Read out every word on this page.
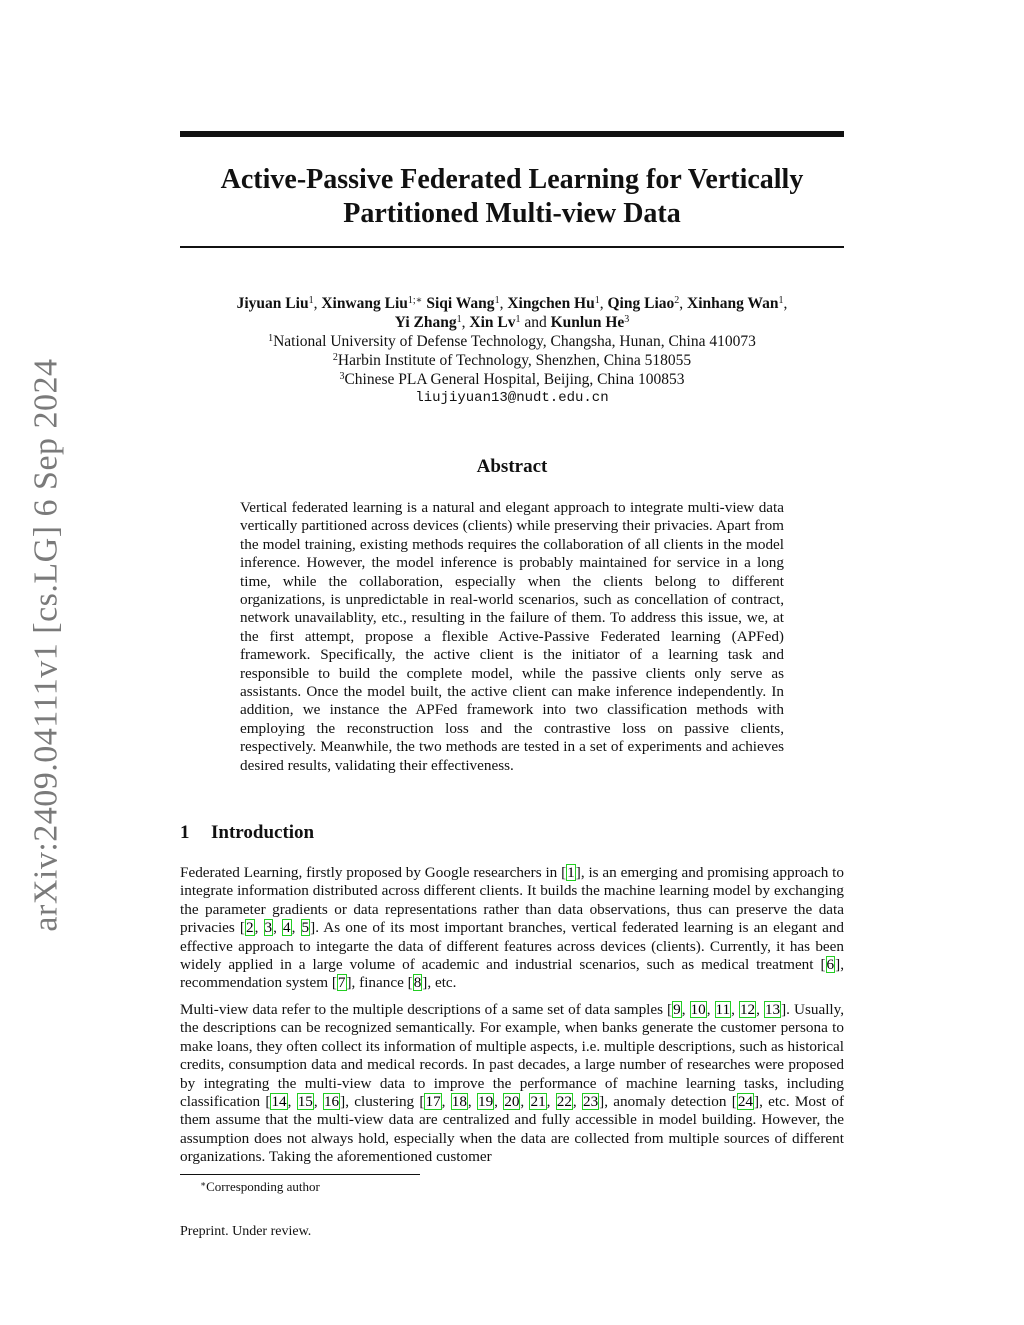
arXiv:2409.04111v1 [cs.LG] 6 Sep 2024
Active-Passive Federated Learning for Vertically
Partitioned Multi-view Data
Jiyuan Liu$^1$, Xinwang Liu$^{1;∗}$ Siqi Wang$^1$, Xingchen Hu$^1$, Qing Liao$^2$, Xinhang Wan$^1$,
Yi Zhang$^1$, Xin Lv$^1$ and Kunlun He$^3$
$^1$National University of Defense Technology, Changsha, Hunan, China 410073
$^2$Harbin Institute of Technology, Shenzhen, China 518055
$^3$Chinese PLA General Hospital, Beijing, China 100853
liujiyuan13@nudt.edu.cn
Abstract

Vertical federated learning is a natural and elegant approach to integrate multi-view data vertically partitioned across devices (clients) while preserving their privacies. Apart from the model training, existing methods requires the collaboration of all clients in the model inference. However, the model inference is probably maintained for service in a long time, while the collaboration, especially when the clients belong to different organizations, is unpredictable in real-world scenarios, such as concellation of contract, network unavailablity, etc., resulting in the failure of them. To address this issue, we, at the first attempt, propose a flexible Active-Passive Federated learning (APFed) framework. Specifically, the active client is the initiator of a learning task and responsible to build the complete model, while the passive clients only serve as assistants. Once the model built, the active client can make inference independently. In addition, we instance the APFed framework into two classification methods with employing the reconstruction loss and the contrastive loss on passive clients, respectively. Meanwhile, the two methods are tested in a set of experiments and achieves desired results, validating their effectiveness.

1 Introduction

Federated Learning, firstly proposed by Google researchers in [1], is an emerging and promising approach to integrate information distributed across different clients. It builds the machine learning model by exchanging the parameter gradients or data representations rather than data observations, thus can preserve the data privacies [2, 3, 4, 5]. As one of its most important branches, vertical federated learning is an elegant and effective approach to integarte the data of different features across devices (clients). Currently, it has been widely applied in a large volume of academic and industrial scenarios, such as medical treatment [6], recommendation system [7], finance [8], etc.

Multi-view data refer to the multiple descriptions of a same set of data samples [9, 10, 11, 12, 13]. Usually, the descriptions can be recognized semantically. For example, when banks generate the customer persona to make loans, they often collect its information of multiple aspects, i.e. multiple descriptions, such as historical credits, consumption data and medical records. In past decades, a large number of researches were proposed by integrating the multi-view data to improve the performance of machine learning tasks, including classification [14, 15, 16], clustering [17, 18, 19, 20, 21, 22, 23], anomaly detection [24], etc. Most of them assume that the multi-view data are centralized and fully accessible in model building. However, the assumption does not always hold, especially when the data are collected from multiple sources of different organizations. Taking the aforementioned customer

∗Corresponding author
Preprint. Under review.
